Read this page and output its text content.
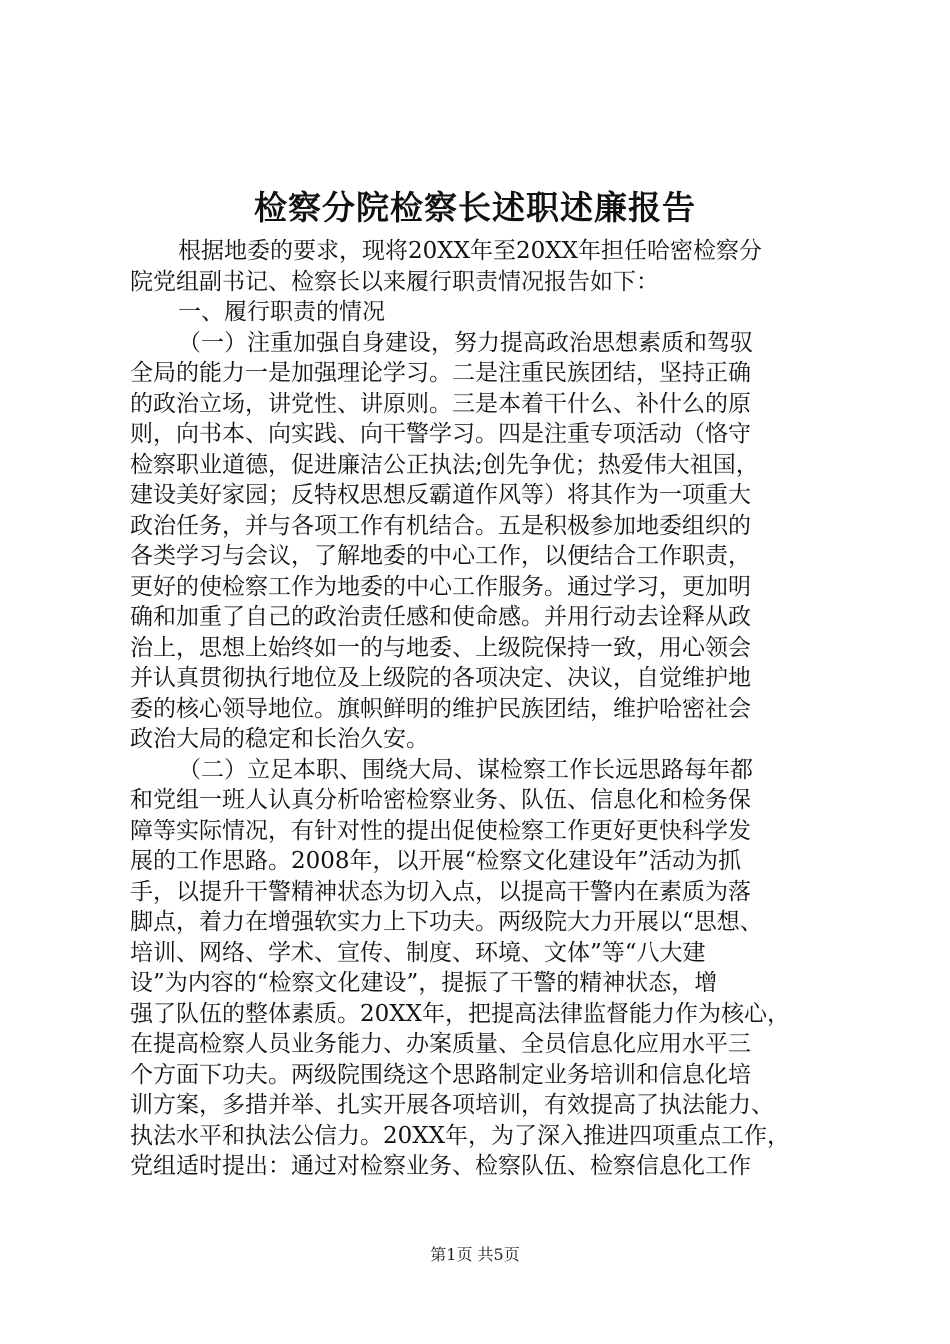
检察分院检察长述职述廉报告
根据地委的要求，现将20XX年至20XX年担任哈密检察分
院党组副书记、检察长以来履行职责情况报告如下：
一、履行职责的情况
（一）注重加强自身建设，努力提高政治思想素质和驾驭
全局的能力一是加强理论学习。二是注重民族团结，坚持正确
的政治立场，讲党性、讲原则。三是本着干什么、补什么的原
则，向书本、向实践、向干警学习。四是注重专项活动（恪守
检察职业道德，促进廉洁公正执法;创先争优；热爱伟大祖国，
建设美好家园；反特权思想反霸道作风等）将其作为一项重大
政治任务，并与各项工作有机结合。五是积极参加地委组织的
各类学习与会议，了解地委的中心工作，以便结合工作职责，
更好的使检察工作为地委的中心工作服务。通过学习，更加明
确和加重了自己的政治责任感和使命感。并用行动去诠释从政
治上，思想上始终如一的与地委、上级院保持一致，用心领会
并认真贯彻执行地位及上级院的各项决定、决议，自觉维护地
委的核心领导地位。旗帜鲜明的维护民族团结，维护哈密社会
政治大局的稳定和长治久安。
（二）立足本职、围绕大局、谋检察工作长远思路每年都
和党组一班人认真分析哈密检察业务、队伍、信息化和检务保
障等实际情况，有针对性的提出促使检察工作更好更快科学发
展的工作思路。2008年，以开展“检察文化建设年”活动为抓
手，以提升干警精神状态为切入点，以提高干警内在素质为落
脚点，着力在增强软实力上下功夫。两级院大力开展以“思想、
培训、网络、学术、宣传、制度、环境、文体”等“八大建
设”为内容的“检察文化建设”，提振了干警的精神状态，增
强了队伍的整体素质。20XX年，把提高法律监督能力作为核心，
在提高检察人员业务能力、办案质量、全员信息化应用水平三
个方面下功夫。两级院围绕这个思路制定业务培训和信息化培
训方案，多措并举、扎实开展各项培训，有效提高了执法能力、
执法水平和执法公信力。20XX年，为了深入推进四项重点工作，
党组适时提出：通过对检察业务、检察队伍、检察信息化工作
第1页 共5页
